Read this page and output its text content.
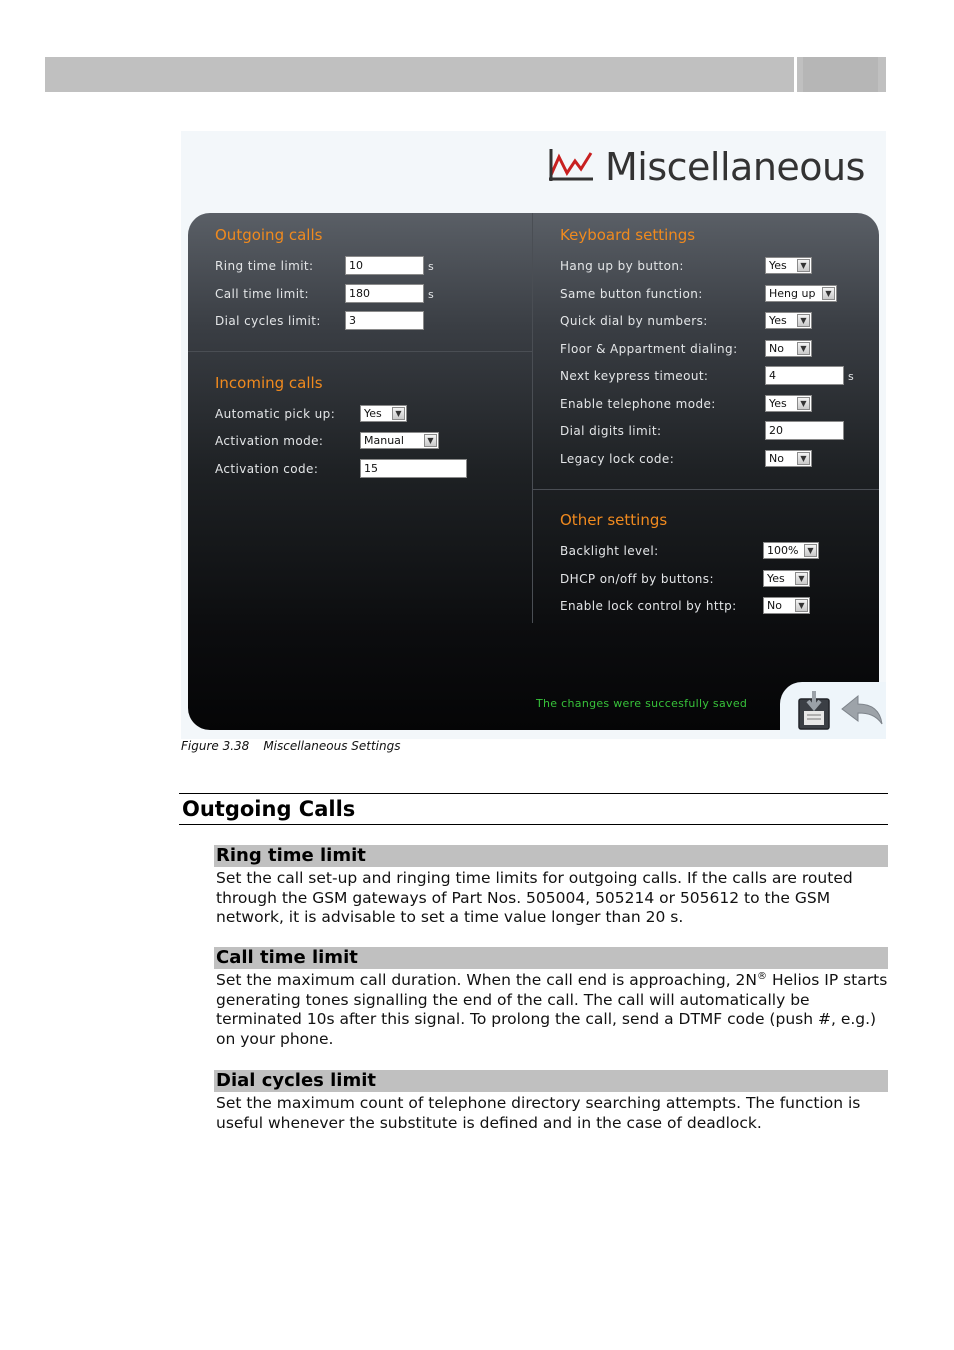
Miscellaneous
Outgoing calls
Ring time limit:	10	s
Call time limit:	180	s
Dial cycles limit:	3
Incoming calls
Automatic pick up:	Yes	▼
Activation mode:	Manual	▼
Activation code:	15
Keyboard settings
Hang up by button:	Yes	▼
Same button function:	Heng up	▼
Quick dial by numbers:	Yes	▼
Floor & Appartment dialing:	No	▼
Next keypress timeout:	4	s
Enable telephone mode:	Yes	▼
Dial digits limit:	20
Legacy lock code:	No	▼
Other settings
Backlight level:	100%	▼
DHCP on/off by buttons:	Yes	▼
Enable lock control by http:	No	▼
The changes were succesfully saved
Figure 3.38 Miscellaneous Settings
Outgoing Calls
Ring time limit
Set the call set-up and ringing time limits for outgoing calls. If the calls are routed through the GSM gateways of Part Nos. 505004, 505214 or 505612 to the GSM network, it is advisable to set a time value longer than 20 s.
Call time limit
Set the maximum call duration. When the call end is approaching, 2N® Helios IP starts generating tones signalling the end of the call. The call will automatically be terminated 10s after this signal. To prolong the call, send a DTMF code (push #, e.g.) on your phone.
Dial cycles limit
Set the maximum count of telephone directory searching attempts. The function is useful whenever the substitute is defined and in the case of deadlock.
